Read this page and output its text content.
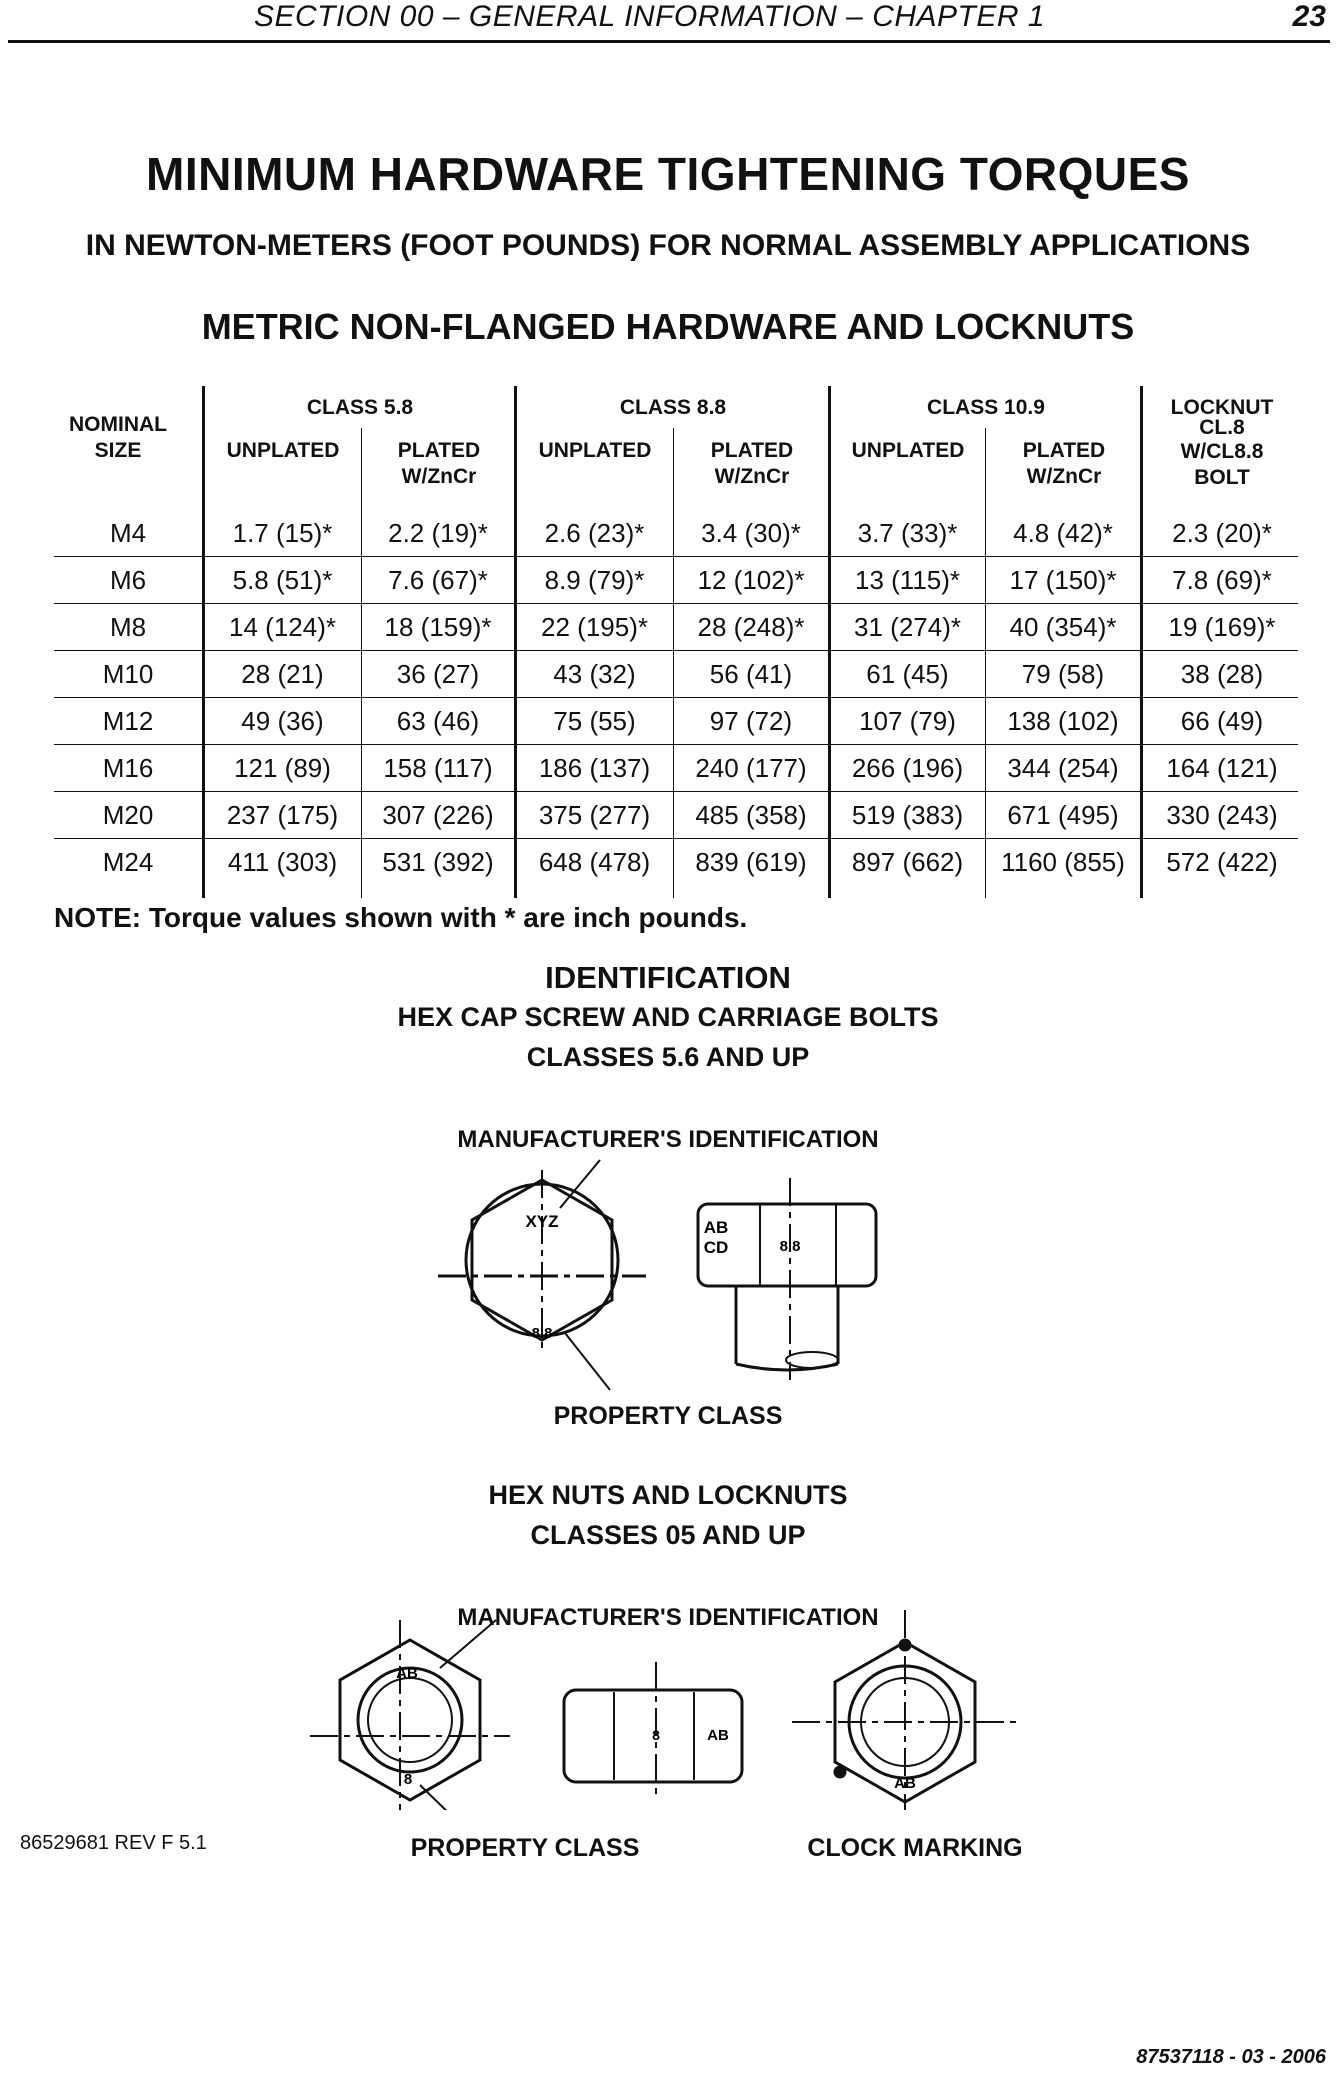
SECTION 00 – GENERAL INFORMATION – CHAPTER 1	23
MINIMUM HARDWARE TIGHTENING TORQUES
IN NEWTON-METERS (FOOT POUNDS) FOR NORMAL ASSEMBLY APPLICATIONS
METRIC NON-FLANGED HARDWARE AND LOCKNUTS
NOMINAL
SIZE
CLASS 5.8	CLASS 8.8	CLASS 10.9	LOCKNUT
CL.8
W/CL8.8
BOLT
UNPLATED	PLATED
W/ZnCr
UNPLATED	PLATED
W/ZnCr
UNPLATED	PLATED
W/ZnCr
M4	1.7 (15)*	2.2 (19)*	2.6 (23)*	3.4 (30)*	3.7 (33)*	4.8 (42)*	2.3 (20)*
M6	5.8 (51)*	7.6 (67)*	8.9 (79)*	12 (102)*	13 (115)*	17 (150)*	7.8 (69)*
M8	14 (124)*	18 (159)*	22 (195)*	28 (248)*	31 (274)*	40 (354)*	19 (169)*
M10	28 (21)	36 (27)	43 (32)	56 (41)	61 (45)	79 (58)	38 (28)
M12	49 (36)	63 (46)	75 (55)	97 (72)	107 (79)	138 (102)	66 (49)
M16	121 (89)	158 (117)	186 (137)	240 (177)	266 (196)	344 (254)	164 (121)
M20	237 (175)	307 (226)	375 (277)	485 (358)	519 (383)	671 (495)	330 (243)
M24	411 (303)	531 (392)	648 (478)	839 (619)	897 (662)	1160 (855)	572 (422)
NOTE: Torque values shown with * are inch pounds.
IDENTIFICATION
HEX CAP SCREW AND CARRIAGE BOLTS
CLASSES 5.6 AND UP
MANUFACTURER'S IDENTIFICATION
XYZ
8.8
AB
CD	8.8
PROPERTY CLASS
HEX NUTS AND LOCKNUTS
CLASSES 05 AND UP
MANUFACTURER'S IDENTIFICATION
AB
8
8	AB
AB
PROPERTY CLASS	CLOCK MARKING
86529681 REV F 5.1
87537118 - 03 - 2006
